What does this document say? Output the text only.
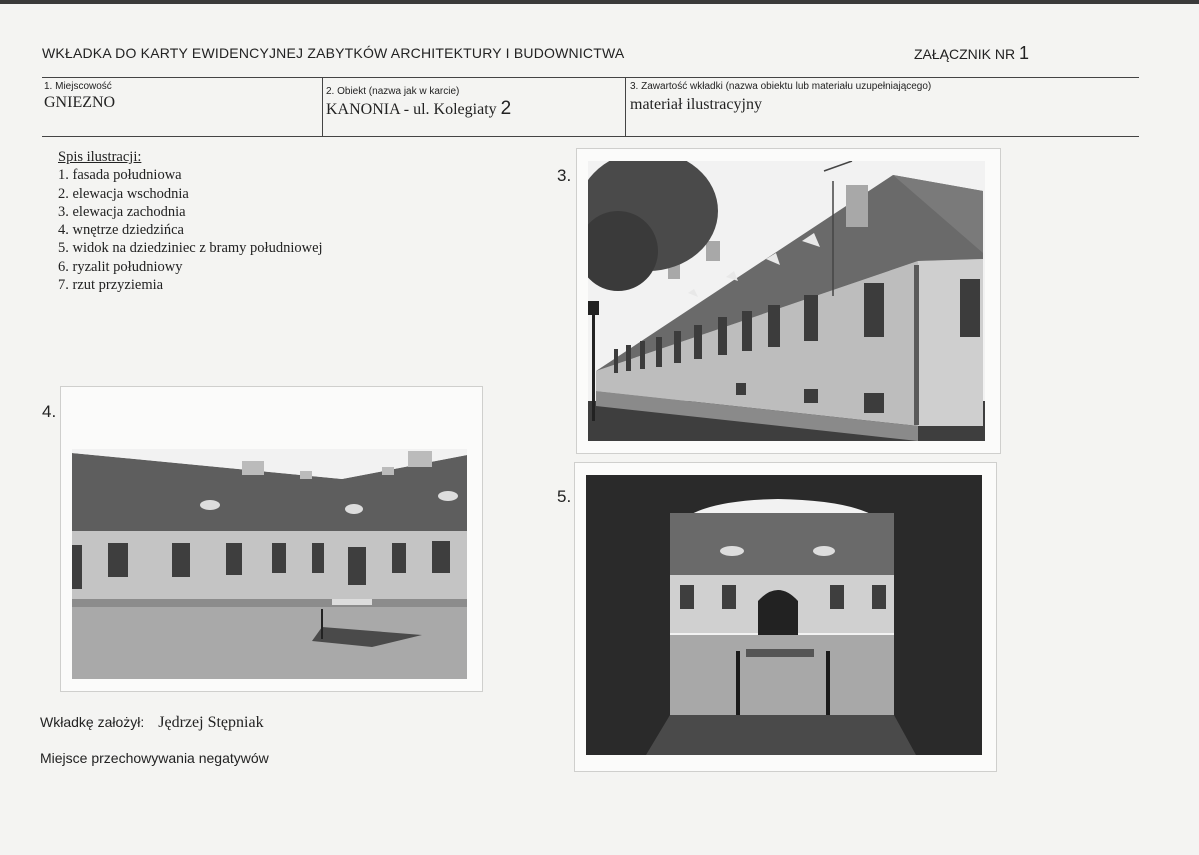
WKŁADKA DO KARTY EWIDENCYJNEJ ZABYTKÓW ARCHITEKTURY I BUDOWNICTWA	ZAŁĄCZNIK NR 1
1. Miejscowość
GNIEZNO
2. Obiekt (nazwa jak w karcie)
KANONIA - ul. Kolegiaty 2
3. Zawartość wkładki (nazwa obiektu lub materiału uzupełniającego)
materiał ilustracyjny
Spis ilustracji:
1. fasada południowa
2. elewacja wschodnia
3. elewacja zachodnia
4. wnętrze dziedzińca
5. widok na dziedziniec z bramy południowej
6. ryzalit południowy
7. rzut przyziemia
3.
4.
5.
Wkładkę założył: Jędrzej Stępniak
Miejsce przechowywania negatywów
